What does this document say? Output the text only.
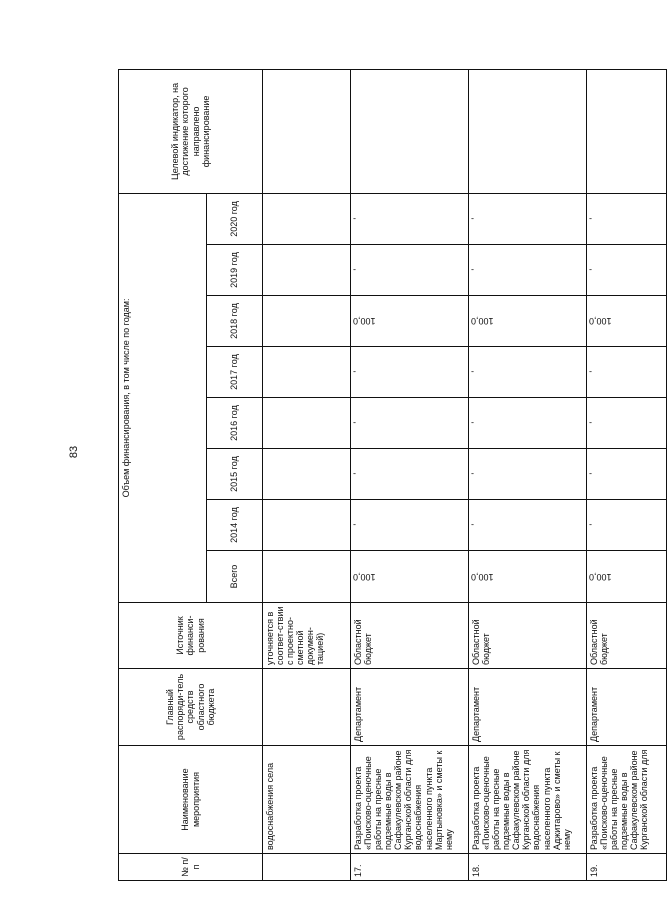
83
№ п/п	Наименование мероприятия	Главный распоряди-тель средств областного бюджета	Источник финанси-рования	Объем финансирования, в том числе по годам:								Целевой индикатор, на достижение которого направлено финансирование
				Всего	2014 год	2015 год	2016 год	2017 год	2018 год	2019 год	2020 год	
	водоснабжения села		уточняется в соответ-ствии с проектно-сметной докумен-тацией)									
17.	Разработка проекта «Поисково-оценочные работы на пресные подземные воды в Сафакулевском районе Курганской области для водоснабжения населенного пункта Мартыновка» и сметы к нему	Департамент	Областной бюджет	100,0	-	-	-	-	100,0	-	-	

18.	Разработка проекта «Поисково-оценочные работы на пресные подземные воды в Сафакулевском районе Курганской области для водоснабжения населенного пункта Аджитарово» и сметы к нему	Департамент	Областной бюджет	100,0	-	-	-	-	100,0	-	-	

19.	Разработка проекта «Поисково-оценочные работы на пресные подземные воды в Сафакулевском районе Курганской области для	Департамент	Областной бюджет	100,0	-	-	-	-	100,0	-	-	
